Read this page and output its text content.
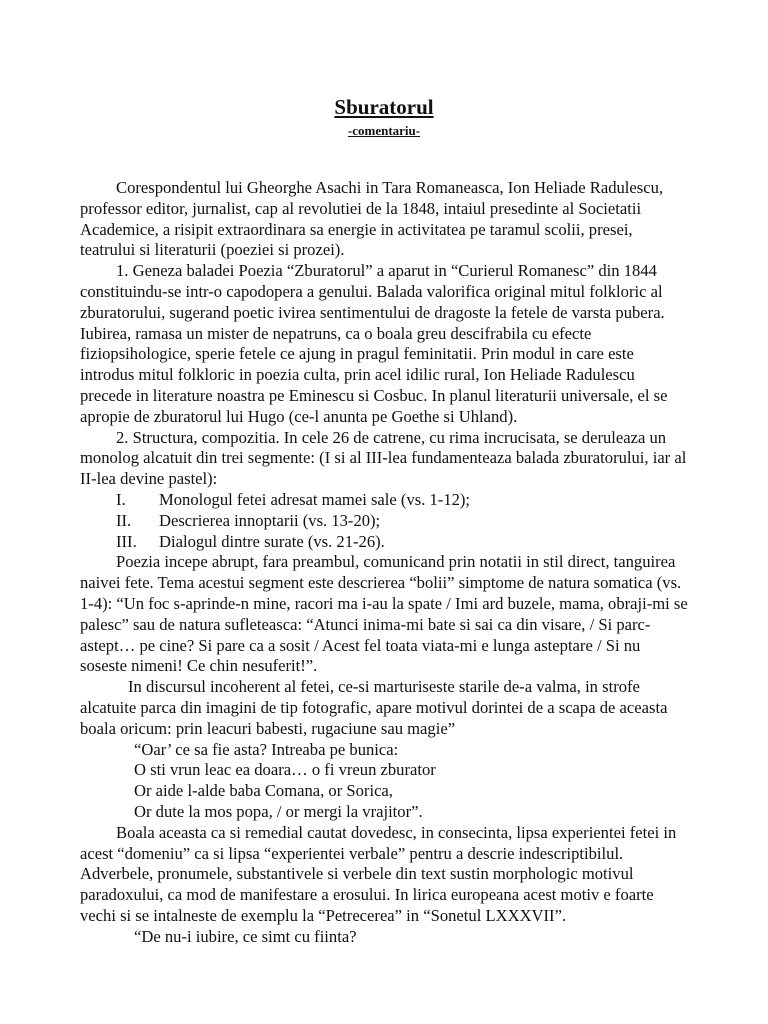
Sburatorul
-comentariu-

Corespondentul lui Gheorghe Asachi in Tara Romaneasca, Ion Heliade Radulescu, professor editor, jurnalist, cap al revolutiei de la 1848, intaiul presedinte al Societatii Academice, a risipit extraordinara sa energie in activitatea pe taramul scolii, presei, teatrului si literaturii (poeziei si prozei).

1. Geneza baladei Poezia “Zburatorul” a aparut in “Curierul Romanesc” din 1844 constituindu-se intr-o capodopera a genului. Balada valorifica original mitul folkloric al zburatorului, sugerand poetic ivirea sentimentului de dragoste la fetele de varsta pubera. Iubirea, ramasa un mister de nepatruns, ca o boala greu descifrabila cu efecte fiziopsihologice, sperie fetele ce ajung in pragul feminitatii. Prin modul in care este introdus mitul folkloric in poezia culta, prin acel idilic rural, Ion Heliade Radulescu precede in literature noastra pe Eminescu si Cosbuc. In planul literaturii universale, el se apropie de zburatorul lui Hugo (ce-l anunta pe Goethe si Uhland).

2. Structura, compozitia. In cele 26 de catrene, cu rima incrucisata, se deruleaza un monolog alcatuit din trei segmente: (I si al III-lea fundamenteaza balada zburatorului, iar al II-lea devine pastel):

I.	Monologul fetei adresat mamei sale (vs. 1-12);
II.	Descrierea innoptarii (vs. 13-20);
III.	Dialogul dintre surate (vs. 21-26).

Poezia incepe abrupt, fara preambul, comunicand prin notatii in stil direct, tanguirea naivei fete. Tema acestui segment este descrierea “bolii” simptome de natura somatica (vs. 1-4): “Un foc s-aprinde-n mine, racori ma i-au la spate / Imi ard buzele, mama, obraji-mi se palesc” sau de natura sufleteasca: “Atunci inima-mi bate si sai ca din visare, / Si parc-astept… pe cine? Si pare ca a sosit / Acest fel toata viata-mi e lunga asteptare / Si nu soseste nimeni! Ce chin nesuferit!”.

In discursul incoherent al fetei, ce-si marturiseste starile de-a valma, in strofe alcatuite parca din imagini de tip fotografic, apare motivul dorintei de a scapa de aceasta boala oricum: prin leacuri babesti, rugaciune sau magie”

“Oar’ ce sa fie asta? Intreaba pe bunica:

O sti vrun leac ea doara… o fi vreun zburator

Or aide l-alde baba Comana, or Sorica,

Or dute la mos popa, / or mergi la vrajitor”.

Boala aceasta ca si remedial cautat dovedesc, in consecinta, lipsa experientei fetei in acest “domeniu” ca si lipsa “experientei verbale” pentru a descrie indescriptibilul. Adverbele, pronumele, substantivele si verbele din text sustin morphologic motivul paradoxului, ca mod de manifestare a erosului. In lirica europeana acest motiv e foarte vechi si se intalneste de exemplu la “Petrecerea” in “Sonetul LXXXVII”.

“De nu-i iubire, ce simt cu fiinta?
